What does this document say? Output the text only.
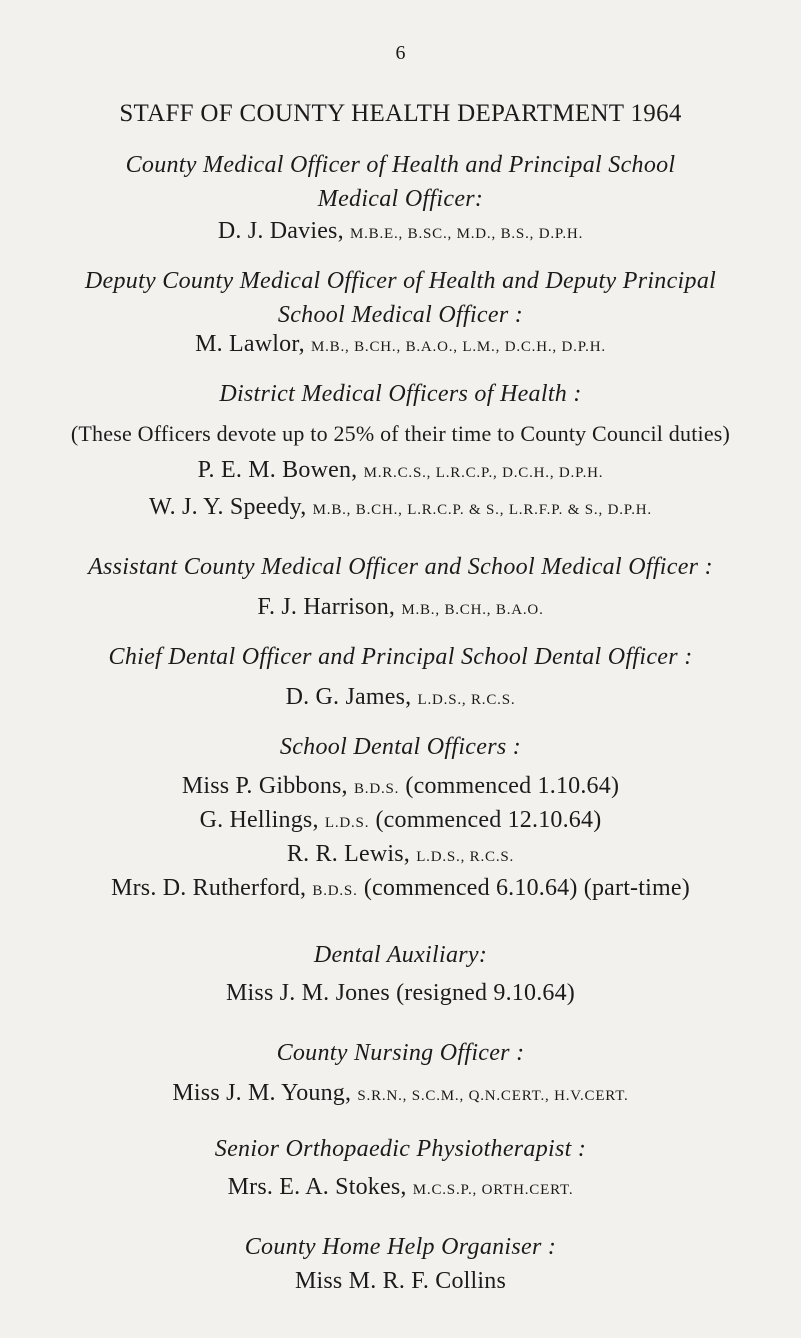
6
STAFF OF COUNTY HEALTH DEPARTMENT 1964
County Medical Officer of Health and Principal School
Medical Officer:
D. J. Davies, M.B.E., B.SC., M.D., B.S., D.P.H.
Deputy County Medical Officer of Health and Deputy Principal
School Medical Officer :
M. Lawlor, M.B., B.CH., B.A.O., L.M., D.C.H., D.P.H.
District Medical Officers of Health :
(These Officers devote up to 25% of their time to County Council duties)
P. E. M. Bowen, M.R.C.S., L.R.C.P., D.C.H., D.P.H.
W. J. Y. Speedy, M.B., B.CH., L.R.C.P. & S., L.R.F.P. & S., D.P.H.
Assistant County Medical Officer and School Medical Officer :
F. J. Harrison, M.B., B.CH., B.A.O.
Chief Dental Officer and Principal School Dental Officer :
D. G. James, L.D.S., R.C.S.
School Dental Officers :
Miss P. Gibbons, B.D.S. (commenced 1.10.64)
G. Hellings, L.D.S. (commenced 12.10.64)
R. R. Lewis, L.D.S., R.C.S.
Mrs. D. Rutherford, B.D.S. (commenced 6.10.64) (part-time)
Dental Auxiliary:
Miss J. M. Jones (resigned 9.10.64)
County Nursing Officer :
Miss J. M. Young, S.R.N., S.C.M., Q.N.CERT., H.V.CERT.
Senior Orthopaedic Physiotherapist :
Mrs. E. A. Stokes, M.C.S.P., ORTH.CERT.
County Home Help Organiser :
Miss M. R. F. Collins
